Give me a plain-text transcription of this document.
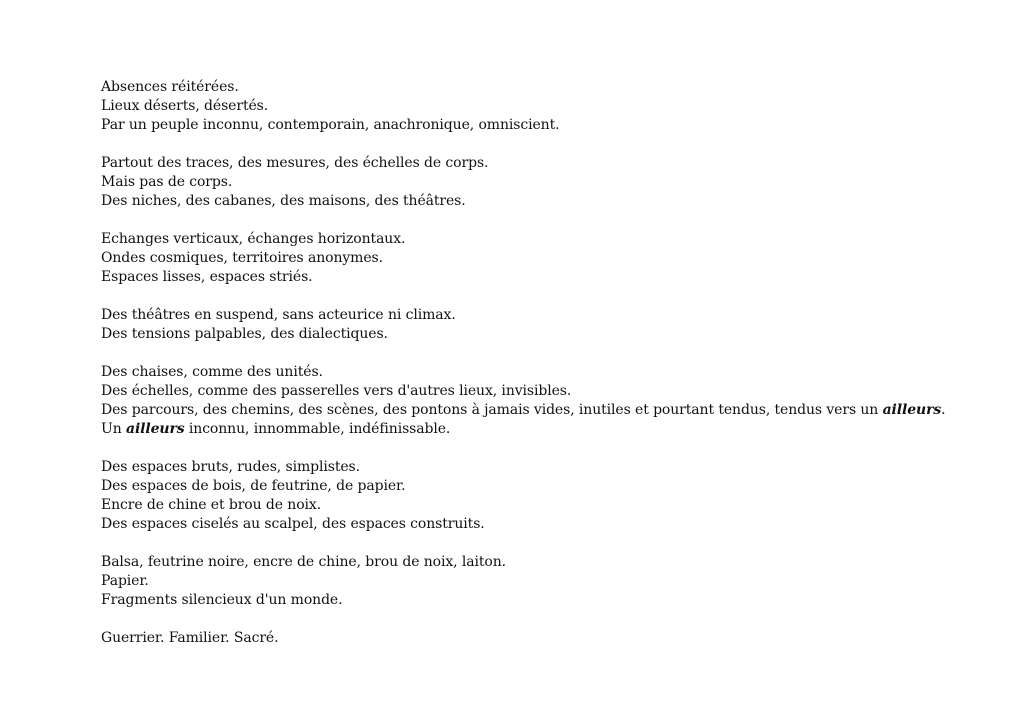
Absences réitérées.
Lieux déserts, désertés.
Par un peuple inconnu, contemporain, anachronique, omniscient.
Partout des traces, des mesures, des échelles de corps.
Mais pas de corps.
Des niches, des cabanes, des maisons, des théâtres.
Echanges verticaux, échanges horizontaux.
Ondes cosmiques, territoires anonymes.
Espaces lisses, espaces striés.
Des théâtres en suspend, sans acteurice ni climax.
Des tensions palpables, des dialectiques.
Des chaises, comme des unités.
Des échelles, comme des passerelles vers d'autres lieux, invisibles.
Des parcours, des chemins, des scènes, des pontons à jamais vides, inutiles et pourtant tendus, tendus vers un ailleurs.
Un ailleurs inconnu, innommable, indéfinissable.
Des espaces bruts, rudes, simplistes.
Des espaces de bois, de feutrine, de papier.
Encre de chine et brou de noix.
Des espaces ciselés au scalpel, des espaces construits.
Balsa, feutrine noire, encre de chine, brou de noix, laiton.
Papier.
Fragments silencieux d'un monde.
Guerrier. Familier. Sacré.
